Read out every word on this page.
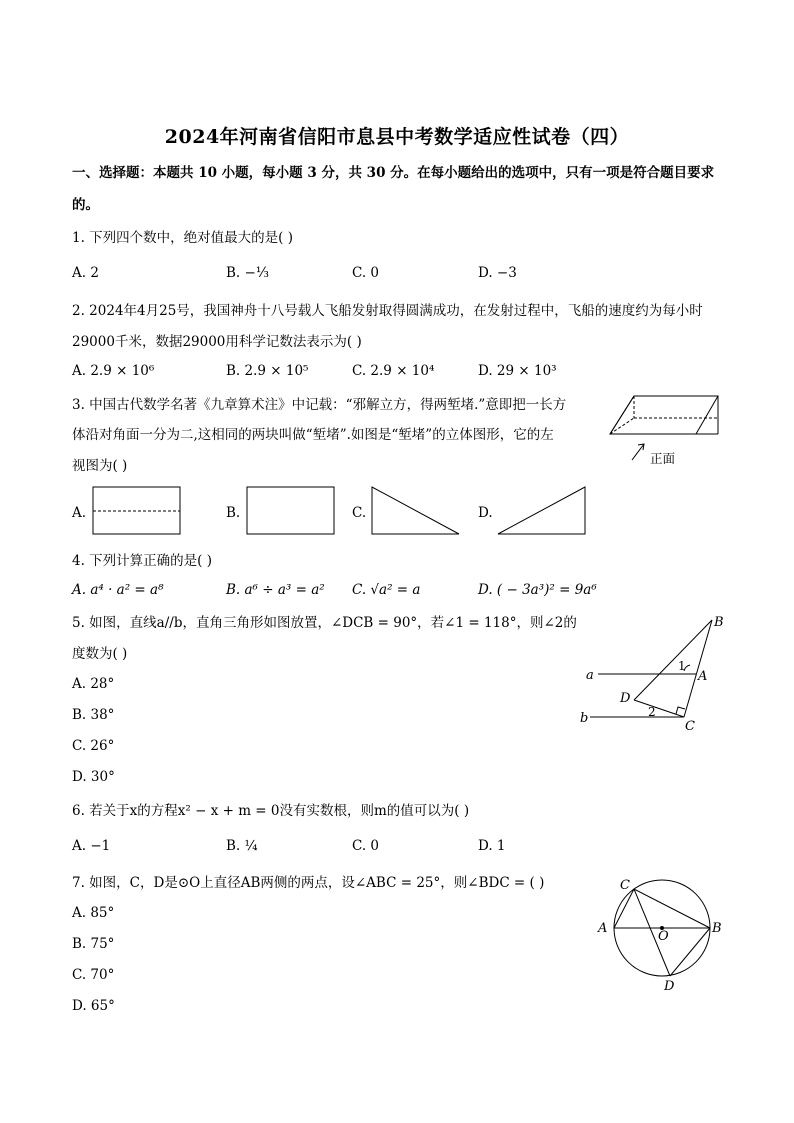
2024年河南省信阳市息县中考数学适应性试卷（四）
一、选择题：本题共 10 小题，每小题 3 分，共 30 分。在每小题给出的选项中，只有一项是符合题目要求
的。
1. 下列四个数中，绝对值最大的是( )
A. 2	B. −⅓	C. 0	D. −3
2. 2024年4月25号，我国神舟十八号载人飞船发射取得圆满成功，在发射过程中，飞船的速度约为每小时
29000千米，数据29000用科学记数法表示为( )
A. 2.9 × 10⁶	B. 2.9 × 10⁵	C. 2.9 × 10⁴	D. 29 × 10³
3. 中国古代数学名著《九章算术注》中记载：“邪解立方，得两堑堵.”意即把一长方
体沿对角面一分为二,这相同的两块叫做“堑堵”.如图是“堑堵”的立体图形，它的左
视图为( )	正面
A.	B.	C.	D.
4. 下列计算正确的是( )
A. a⁴ · a² = a⁸	B. a⁶ ÷ a³ = a² C. √a² = a	D. ( − 3a³)² = 9a⁶
5. 如图，直线a//b，直角三角形如图放置，∠DCB = 90°，若∠1 = 118°，则∠2的
度数为( )
A. 28°
B. 38°
C. 26°
D. 30°
B
a
1
A
D
b	2
C
6. 若关于x的方程x² − x + m = 0没有实数根，则m的值可以为( )
A. −1	B. ¼	C. 0	D. 1
7. 如图，C，D是⊙O上直径AB两侧的两点，设∠ABC = 25°，则∠BDC = ( )
A. 85°
B. 75°
C. 70°
D. 65°
C
A
O
B
D
